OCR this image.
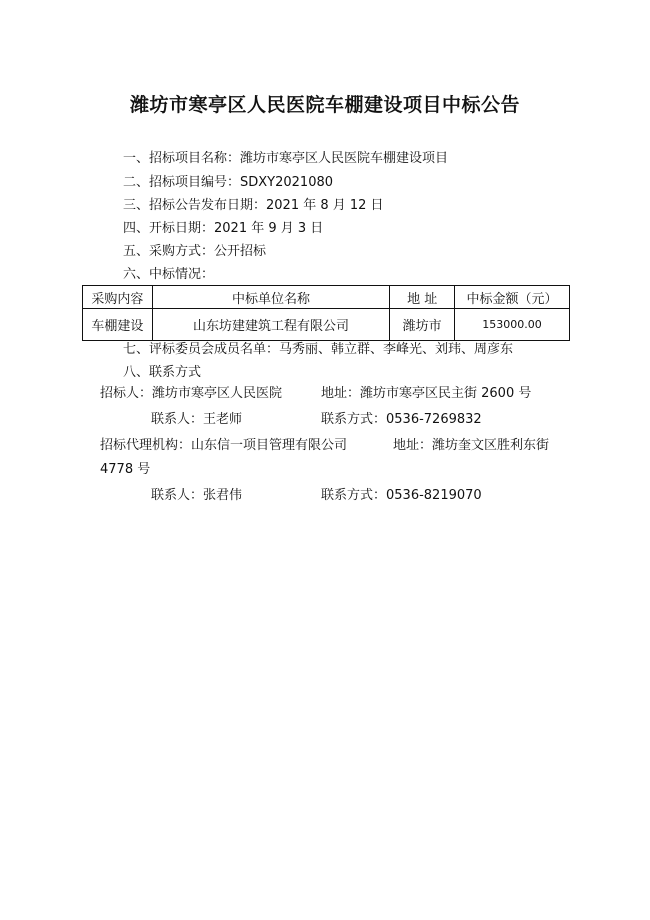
潍坊市寒亭区人民医院车棚建设项目中标公告
一、招标项目名称：潍坊市寒亭区人民医院车棚建设项目
二、招标项目编号：SDXY2021080
三、招标公告发布日期：2021 年 8 月 12 日
四、开标日期：2021 年 9 月 3 日
五、采购方式：公开招标
六、中标情况：
采购内容	中标单位名称	地 址	中标金额（元）
车棚建设	山东坊建建筑工程有限公司	潍坊市	153000.00
七、评标委员会成员名单：马秀丽、韩立群、李峰光、刘玮、周彦东
八、联系方式
招标人：潍坊市寒亭区人民医院	地址：潍坊市寒亭区民主街 2600 号
联系人：王老师	联系方式：0536-7269832
招标代理机构：山东信一项目管理有限公司	地址：潍坊奎文区胜利东街
4778 号
联系人：张君伟	联系方式：0536-8219070
